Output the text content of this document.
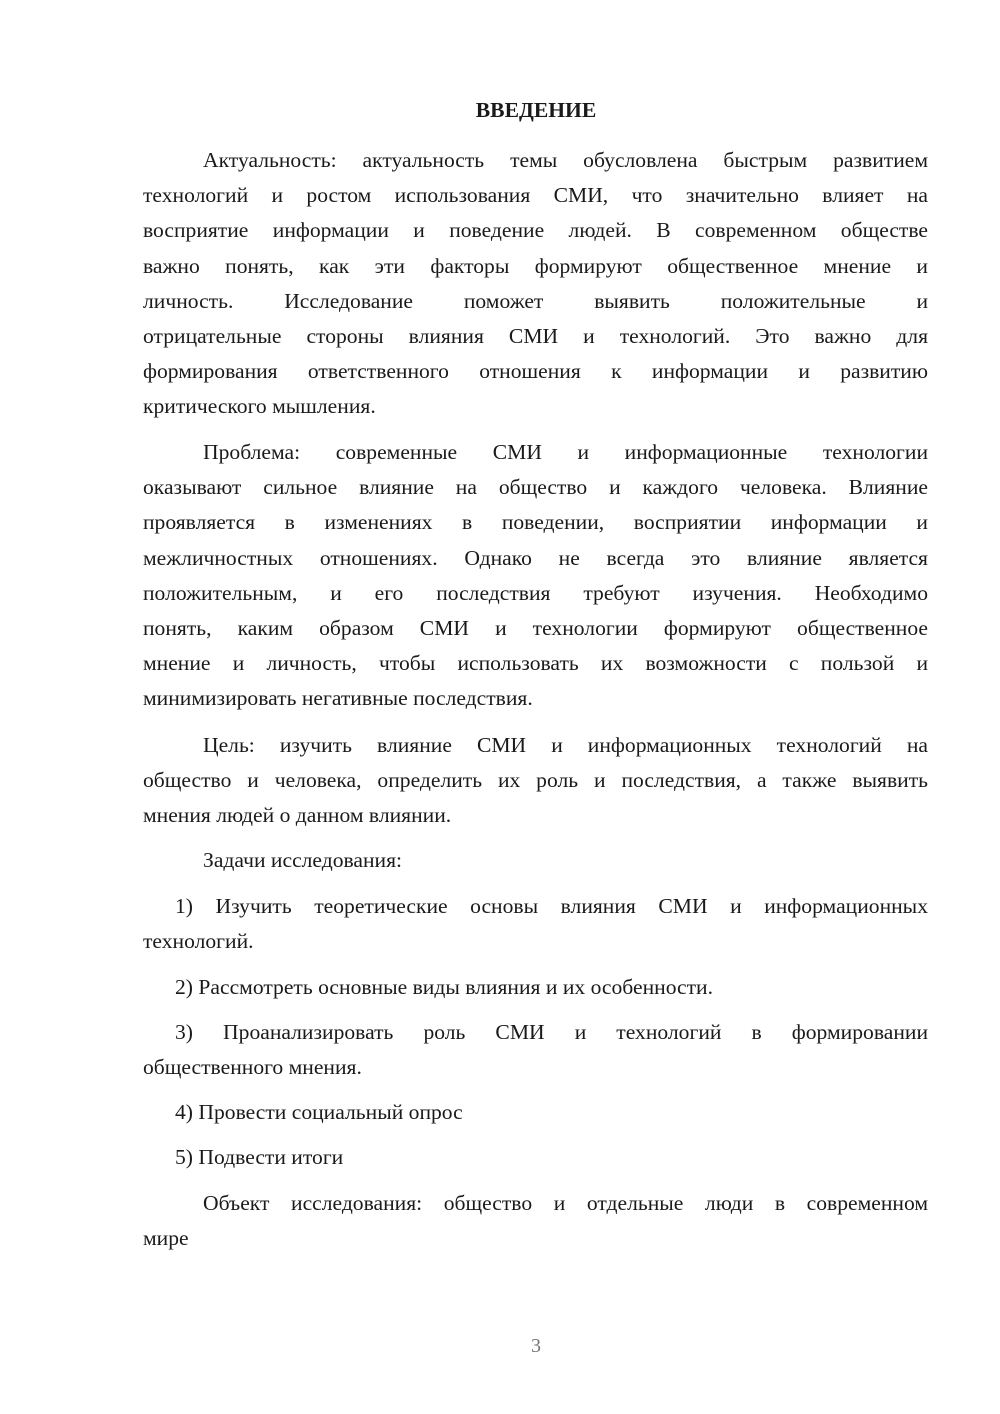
ВВЕДЕНИЕ
Актуальность: актуальность темы обусловлена быстрым развитием
технологий и ростом использования СМИ, что значительно влияет на
восприятие информации и поведение людей. В современном обществе
важно понять, как эти факторы формируют общественное мнение и
личность. Исследование поможет выявить положительные и
отрицательные стороны влияния СМИ и технологий. Это важно для
формирования ответственного отношения к информации и развитию
критического мышления.
Проблема: современные СМИ и информационные технологии
оказывают сильное влияние на общество и каждого человека. Влияние
проявляется в изменениях в поведении, восприятии информации и
межличностных отношениях. Однако не всегда это влияние является
положительным, и его последствия требуют изучения. Необходимо
понять, каким образом СМИ и технологии формируют общественное
мнение и личность, чтобы использовать их возможности с пользой и
минимизировать негативные последствия.
Цель: изучить влияние СМИ и информационных технологий на
общество и человека, определить их роль и последствия, а также выявить
мнения людей о данном влиянии.
Задачи исследования:
1) Изучить теоретические основы влияния СМИ и информационных
технологий.
2) Рассмотреть основные виды влияния и их особенности.
3) Проанализировать роль СМИ и технологий в формировании
общественного мнения.
4) Провести социальный опрос
5) Подвести итоги
Объект исследования: общество и отдельные люди в современном
мире
3
